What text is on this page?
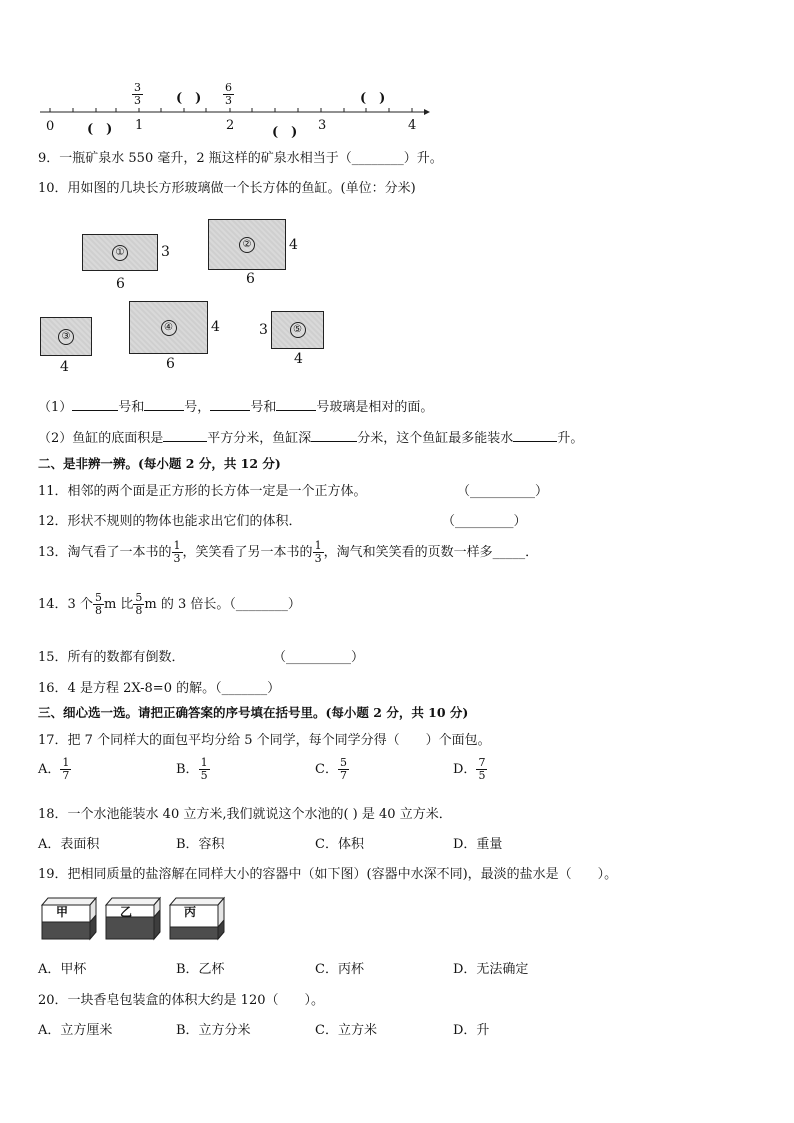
0	1	2	3	4
$\frac{3}{3}$	(　) $\frac{6}{3}$	(　)
(　)	(　)
9．一瓶矿泉水 550 毫升，2 瓶这样的矿泉水相当于（________）升。
10．用如图的几块长方形玻璃做一个长方体的鱼缸。(单位：分米)
①	3
6
②	4
6
③
4
④	4
6
⑤
3
4
（1）	号和	号，	号和	号玻璃是相对的面。
（2）鱼缸的底面积是	平方分米，鱼缸深	分米，这个鱼缸最多能装水	升。
二、是非辨一辨。(每小题 2 分，共 12 分)
11．相邻的两个面是正方形的长方体一定是一个正方体。	（__________）
12．形状不规则的物体也能求出它们的体积．	（_________）
13．淘气看了一本书的 $\frac{1}{3}$ ，笑笑看了另一本书的 $\frac{1}{3}$ ，淘气和笑笑看的页数一样多_____．
14．3 个 $\frac{5}{8}$ m 比 $\frac{5}{8}$ m 的 3 倍长。（________）
15．所有的数都有倒数．	（__________）
16．4 是方程 2X-8=0 的解。（_______）
三、细心选一选。请把正确答案的序号填在括号里。(每小题 2 分，共 10 分)
17．把 7 个同样大的面包平均分给 5 个同学，每个同学分得（　　）个面包。
A． $\frac{1}{7}$	B． $\frac{1}{5}$	C． $\frac{5}{7}$	D． $\frac{7}{5}$
18．一个水池能装水 40 立方米,我们就说这个水池的( ) 是 40 立方米．
A．表面积	B．容积	C．体积	D．重量
19．把相同质量的盐溶解在同样大小的容器中（如下图）(容器中水深不同)，最淡的盐水是（　　）。
甲	乙	丙
A．甲杯	B．乙杯	C．丙杯	D．无法确定
20．一块香皂包装盒的体积大约是 120（　　）。
A．立方厘米	B．立方分米	C．立方米	D．升
